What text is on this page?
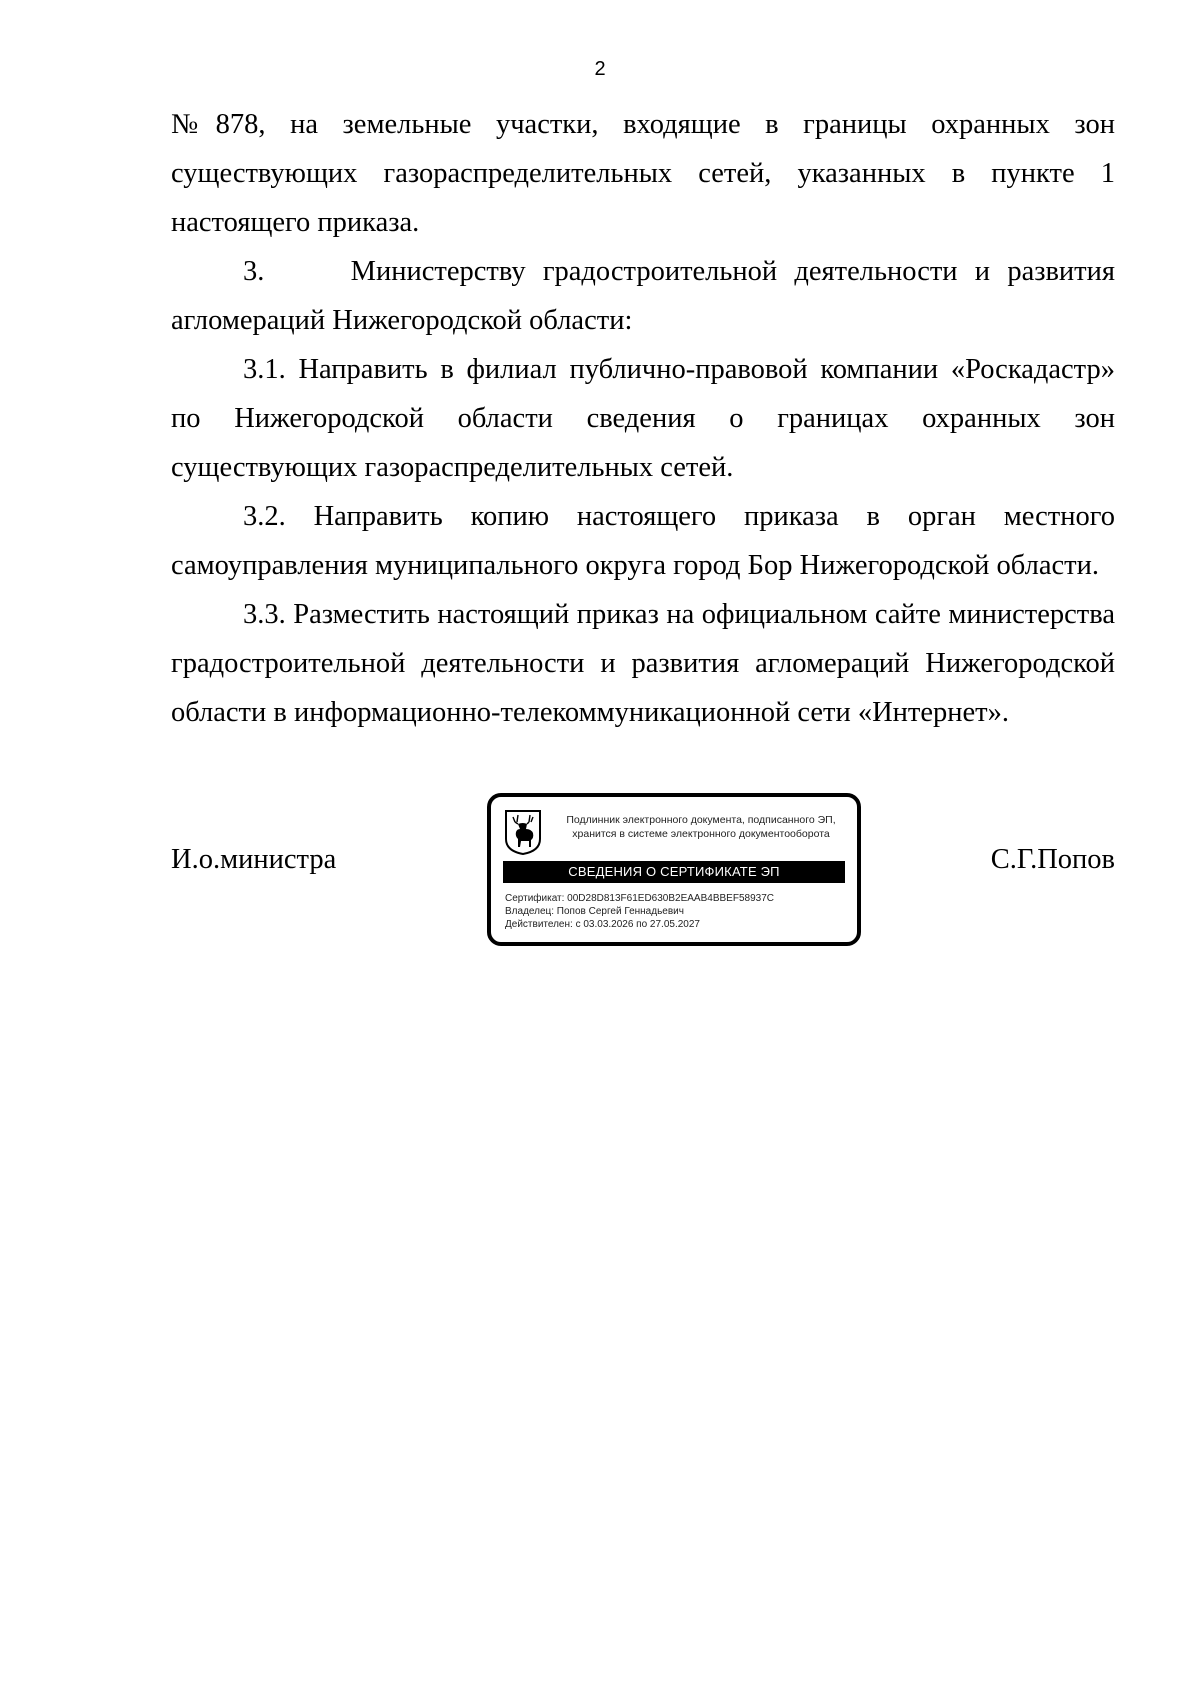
2

№878, на земельные участки, входящие в границы охранных зон существующих газораспределительных сетей, указанных в пункте 1 настоящего приказа.

3.     Министерству градостроительной деятельности и развития агломераций Нижегородской области:

3.1. Направить в филиал публично-правовой компании «Роскадастр» по Нижегородской области сведения о границах охранных зон существующих газораспределительных сетей.

3.2. Направить копию настоящего приказа в орган местного самоуправления муниципального округа город Бор Нижегородской области.

3.3. Разместить настоящий приказ на официальном сайте министерства градостроительной деятельности и развития агломераций Нижегородской области в информационно-телекоммуникационной сети «Интернет».

И.о.министра
Подлинник электронного документа, подписанного ЭП,
хранится в системе электронного документооборота
СВЕДЕНИЯ О СЕРТИФИКАТЕ ЭП
Сертификат: 00D28D813F61ED630B2EAAB4BBEF58937C
Владелец: Попов Сергей Геннадьевич
Действителен: с 03.03.2026 по 27.05.2027
С.Г.Попов
